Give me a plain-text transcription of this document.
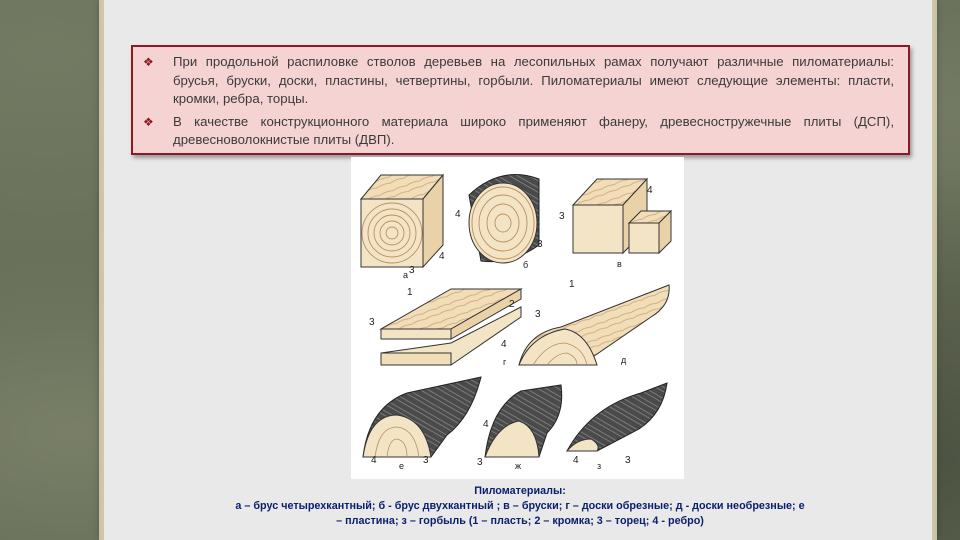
❖	При продольной распиловке стволов деревьев на лесопильных рамах получают различные пиломатериалы: брусья, бруски, доски, пластины, четвертины, горбыли. Пиломатериалы имеют следующие элементы: пласти, кромки, ребра, торцы.
❖	В качестве конструкционного материала широко применяют фанеру, древесностружечные плиты (ДСП), древесноволокнистые плиты (ДВП).
а
б	в
г	д
е	ж	з
3
4
4
3
4
3
1
3
4
2
1
3
4	3
4
3	4	3
Пиломатериалы:
а – брус четырехкантный; б - брус двухкантный ; в – бруски; г – доски обрезные; д - доски необрезные; е
– пластина; з – горбыль (1 – пласть; 2 – кромка; 3 – торец; 4 - ребро)
